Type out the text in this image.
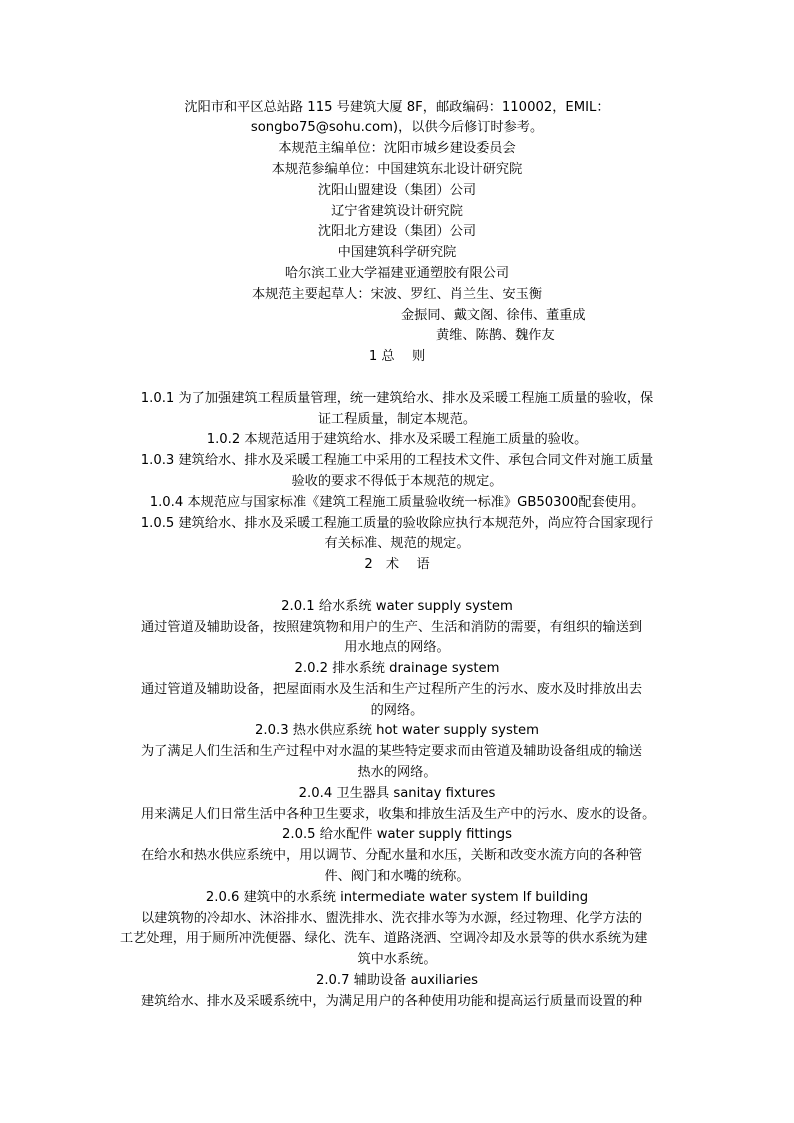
沈阳市和平区总站路 115 号建筑大厦 8F，邮政编码：110002，EMIL：
songbo75@sohu.com)，以供今后修订时参考。
本规范主编单位：沈阳市城乡建设委员会
本规范参编单位：中国建筑东北设计研究院
沈阳山盟建设（集团）公司
辽宁省建筑设计研究院
沈阳北方建设（集团）公司
中国建筑科学研究院
哈尔滨工业大学福建亚通塑胶有限公司
本规范主要起草人：宋波、罗红、肖兰生、安玉衡
金振同、戴文阁、徐伟、董重成
黄维、陈鹊、魏作友
1 总　 则
1.0.1 为了加强建筑工程质量管理，统一建筑给水、排水及采暖工程施工质量的验收，保
证工程质量，制定本规范。
1.0.2 本规范适用于建筑给水、排水及采暖工程施工质量的验收。
1.0.3 建筑给水、排水及采暖工程施工中采用的工程技术文件、承包合同文件对施工质量
验收的要求不得低于本规范的规定。
1.0.4 本规范应与国家标准《建筑工程施工质量验收统一标准》GB50300配套使用。
1.0.5 建筑给水、排水及采暖工程施工质量的验收除应执行本规范外，尚应符合国家现行
有关标准、规范的规定。
2　术　 语
2.0.1 给水系统 water supply system
通过管道及辅助设备，按照建筑物和用户的生产、生活和消防的需要，有组织的输送到
用水地点的网络。
2.0.2 排水系统 drainage system
通过管道及辅助设备，把屋面雨水及生活和生产过程所产生的污水、废水及时排放出去
的网络。
2.0.3 热水供应系统 hot water supply system
为了满足人们生活和生产过程中对水温的某些特定要求而由管道及辅助设备组成的输送
热水的网络。
2.0.4 卫生器具 sanitay fixtures
用来满足人们日常生活中各种卫生要求，收集和排放生活及生产中的污水、废水的设备。
2.0.5 给水配件 water supply fittings
在给水和热水供应系统中，用以调节、分配水量和水压，关断和改变水流方向的各种管
件、阀门和水嘴的统称。
2.0.6 建筑中的水系统 intermediate water system lf building
以建筑物的冷却水、沐浴排水、盥洗排水、洗衣排水等为水源，经过物理、化学方法的
工艺处理，用于厕所冲洗便器、绿化、洗车、道路浇洒、空调冷却及水景等的供水系统为建
筑中水系统。
2.0.7 辅助设备 auxiliaries
建筑给水、排水及采暖系统中，为满足用户的各种使用功能和提高运行质量而设置的种
